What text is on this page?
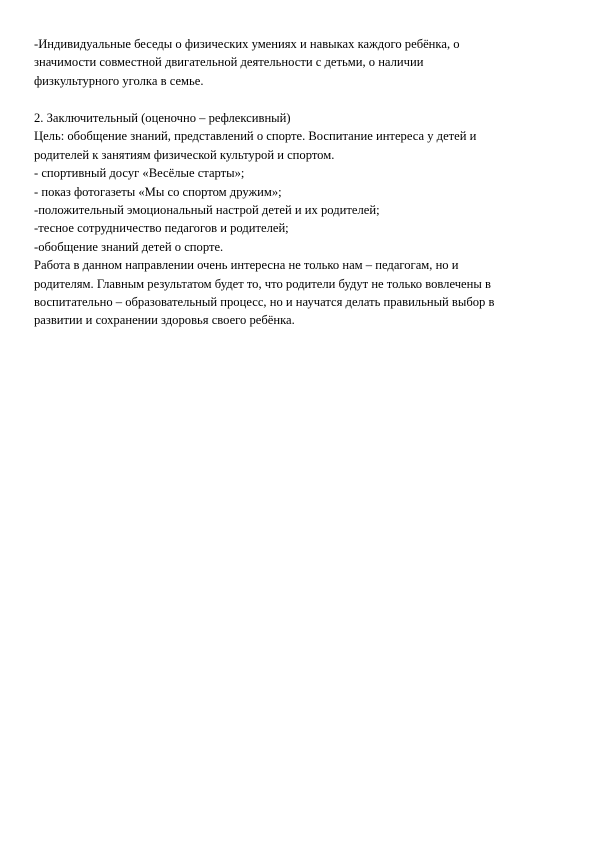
-Индивидуальные беседы о физических умениях и навыках каждого ребёнка, о
значимости совместной двигательной деятельности с детьми, о наличии
физкультурного уголка в семье.
2. Заключительный (оценочно – рефлексивный)
Цель: обобщение знаний, представлений о спорте. Воспитание интереса у детей и
родителей к занятиям физической культурой и спортом.
- спортивный досуг «Весёлые старты»;
- показ фотогазеты «Мы со спортом дружим»;
-положительный эмоциональный настрой детей и их родителей;
-тесное сотрудничество педагогов и родителей;
-обобщение знаний детей о спорте.
Работа в данном направлении очень интересна не только нам – педагогам, но и
родителям. Главным результатом будет то, что родители будут не только вовлечены в
воспитательно – образовательный процесс, но и научатся делать правильный выбор в
развитии и сохранении здоровья своего ребёнка.
